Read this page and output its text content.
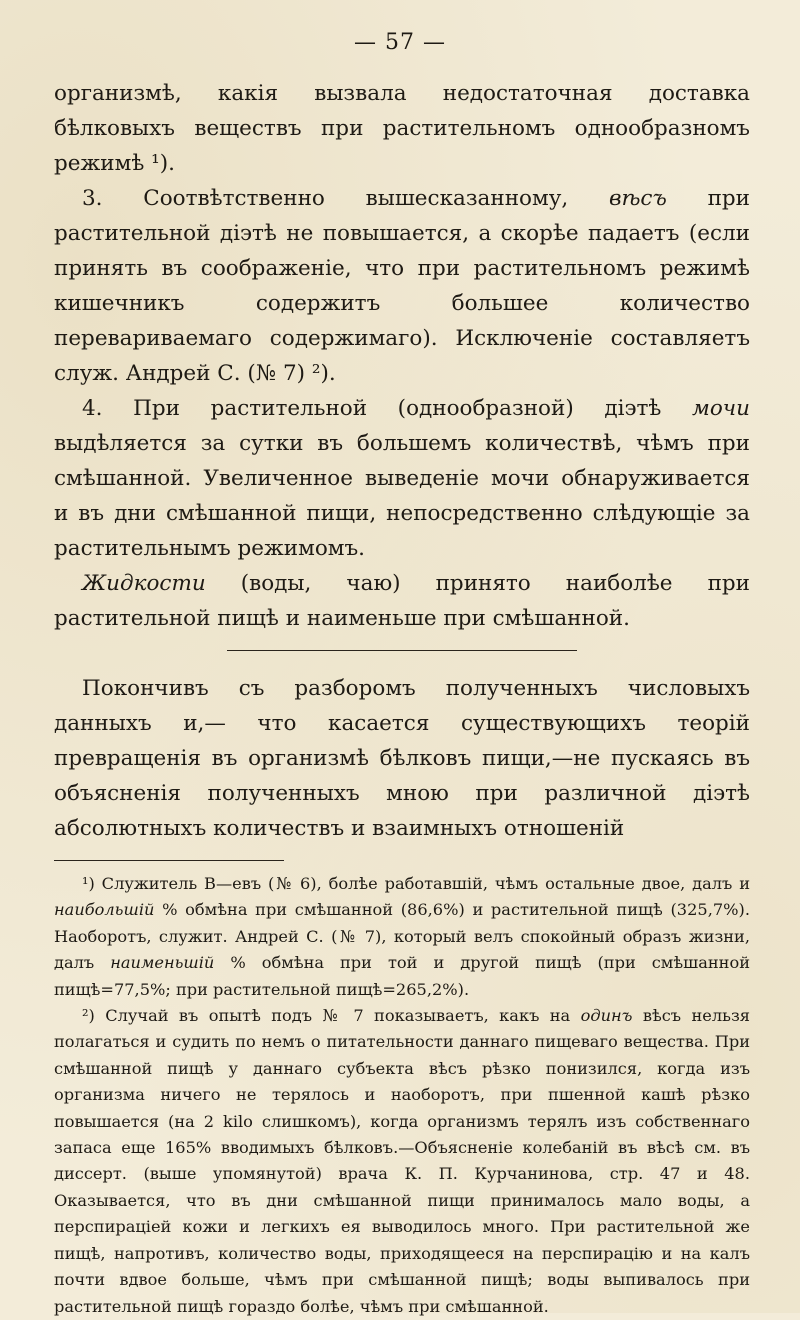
— 57 —

организмѣ, какія вызвала недостаточная доставка бѣлковыхъ веществъ при растительномъ однообразномъ режимѣ ¹).

3. Соотвѣтственно вышесказанному, вѣсъ при растительной діэтѣ не повышается, а скорѣе падаетъ (если принять въ соображеніе, что при растительномъ режимѣ кишечникъ содержитъ большее количество перевариваемаго содержимаго). Исключеніе составляетъ служ. Андрей С. (№ 7) ²).

4. При растительной (однообразной) діэтѣ мочи выдѣляется за сутки въ большемъ количествѣ, чѣмъ при смѣшанной. Увеличенное выведеніе мочи обнаруживается и въ дни смѣшанной пищи, непосредственно слѣдующіе за растительнымъ режимомъ.

Жидкости (воды, чаю) принято наиболѣе при растительной пищѣ и наименьше при смѣшанной.

Покончивъ съ разборомъ полученныхъ числовыхъ данныхъ и,— что касается существующихъ теорій превращенія въ организмѣ бѣлковъ пищи,—не пускаясь въ объясненія полученныхъ мною при различной діэтѣ абсолютныхъ количествъ и взаимныхъ отношеній

¹) Служитель В—евъ (№ 6), болѣе работавшій, чѣмъ остальные двое, далъ и наибольшій % обмѣна при смѣшанной (86,6%) и растительной пищѣ (325,7%). Наоборотъ, служит. Андрей С. (№ 7), который велъ спокойный образъ жизни, далъ наименьшій % обмѣна при той и другой пищѣ (при смѣшанной пищѣ=77,5%; при растительной пищѣ=265,2%).

²) Случай въ опытѣ подъ № 7 показываетъ, какъ на одинъ вѣсъ нельзя полагаться и судить по немъ о питательности даннаго пищеваго вещества. При смѣшанной пищѣ у даннаго субъекта вѣсъ рѣзко понизился, когда изъ организма ничего не терялось и наоборотъ, при пшенной кашѣ рѣзко повышается (на 2 kilo слишкомъ), когда организмъ терялъ изъ собственнаго запаса еще 165% вводимыхъ бѣлковъ.—Объясненіе колебаній въ вѣсѣ см. въ диссерт. (выше упомянутой) врача К. П. Курчанинова, стр. 47 и 48. Оказывается, что въ дни смѣшанной пищи принималось мало воды, а перспираціей кожи и легкихъ ея выводилось много. При растительной же пищѣ, напротивъ, количество воды, приходящееся на перспирацію и на калъ почти вдвое больше, чѣмъ при смѣшанной пищѣ; воды выпивалось при растительной пищѣ гораздо болѣе, чѣмъ при смѣшанной.
